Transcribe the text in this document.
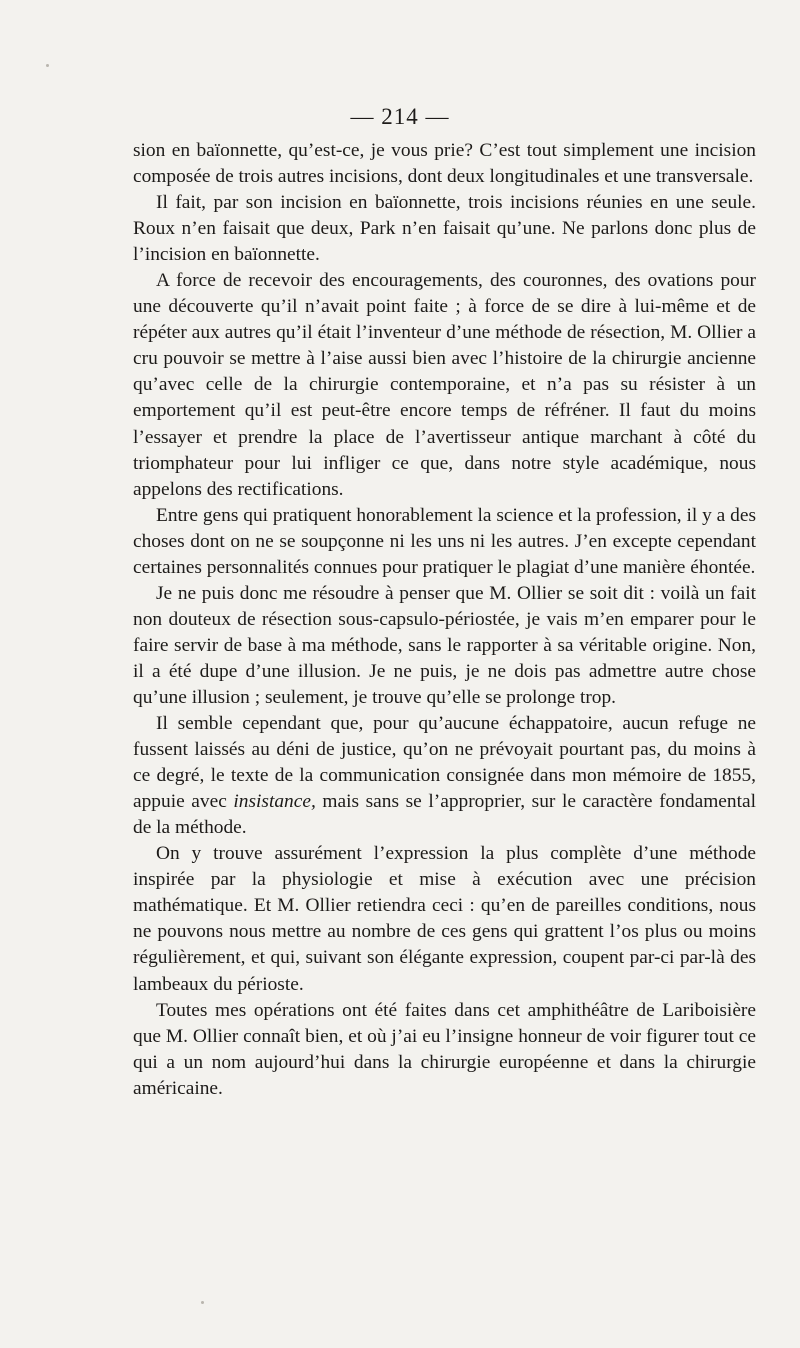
— 214 —

sion en baïonnette, qu’est-ce, je vous prie? C’est tout simplement une incision composée de trois autres incisions, dont deux longitudinales et une transversale.

Il fait, par son incision en baïonnette, trois incisions réunies en une seule. Roux n’en faisait que deux, Park n’en faisait qu’une. Ne parlons donc plus de l’incision en baïonnette.

A force de recevoir des encouragements, des couronnes, des ovations pour une découverte qu’il n’avait point faite ; à force de se dire à lui-même et de répéter aux autres qu’il était l’inventeur d’une méthode de résection, M. Ollier a cru pouvoir se mettre à l’aise aussi bien avec l’histoire de la chirurgie ancienne qu’avec celle de la chirurgie contemporaine, et n’a pas su résister à un emportement qu’il est peut-être encore temps de réfréner. Il faut du moins l’essayer et prendre la place de l’avertisseur antique marchant à côté du triomphateur pour lui infliger ce que, dans notre style académique, nous appelons des rectifications.

Entre gens qui pratiquent honorablement la science et la profession, il y a des choses dont on ne se soupçonne ni les uns ni les autres. J’en excepte cependant certaines personnalités connues pour pratiquer le plagiat d’une manière éhontée.

Je ne puis donc me résoudre à penser que M. Ollier se soit dit : voilà un fait non douteux de résection sous-capsulo-périostée, je vais m’en emparer pour le faire servir de base à ma méthode, sans le rapporter à sa véritable origine. Non, il a été dupe d’une illusion. Je ne puis, je ne dois pas admettre autre chose qu’une illusion ; seulement, je trouve qu’elle se prolonge trop.

Il semble cependant que, pour qu’aucune échappatoire, aucun refuge ne fussent laissés au déni de justice, qu’on ne prévoyait pourtant pas, du moins à ce degré, le texte de la communication consignée dans mon mémoire de 1855, appuie avec insistance, mais sans se l’approprier, sur le caractère fondamental de la méthode.

On y trouve assurément l’expression la plus complète d’une méthode inspirée par la physiologie et mise à exécution avec une précision mathématique. Et M. Ollier retiendra ceci : qu’en de pareilles conditions, nous ne pouvons nous mettre au nombre de ces gens qui grattent l’os plus ou moins régulièrement, et qui, suivant son élégante expression, coupent par-ci par-là des lambeaux du périoste.

Toutes mes opérations ont été faites dans cet amphithéâtre de Lariboisière que M. Ollier connaît bien, et où j’ai eu l’insigne honneur de voir figurer tout ce qui a un nom aujourd’hui dans la chirurgie européenne et dans la chirurgie américaine.
